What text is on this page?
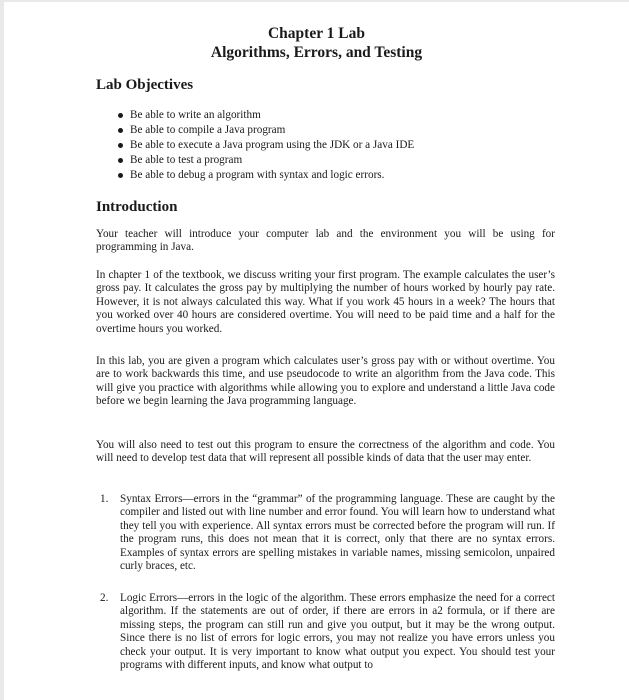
Chapter 1 Lab
Algorithms, Errors, and Testing
Lab Objectives
Be able to write an algorithm
Be able to compile a Java program
Be able to execute a Java program using the JDK or a Java IDE
Be able to test a program
Be able to debug a program with syntax and logic errors.
Introduction

Your teacher will introduce your computer lab and the environment you will be using for programming in Java.

In chapter 1 of the textbook, we discuss writing your first program. The example calculates the user’s gross pay. It calculates the gross pay by multiplying the number of hours worked by hourly pay rate. However, it is not always calculated this way. What if you work 45 hours in a week? The hours that you worked over 40 hours are considered overtime. You will need to be paid time and a half for the overtime hours you worked.

In this lab, you are given a program which calculates user’s gross pay with or without overtime. You are to work backwards this time, and use pseudocode to write an algorithm from the Java code. This will give you practice with algorithms while allowing you to explore and understand a little Java code before we begin learning the Java programming language.

You will also need to test out this program to ensure the correctness of the algorithm and code. You will need to develop test data that will represent all possible kinds of data that the user may enter.

1. Syntax Errors—errors in the “grammar” of the programming language. These are caught by the compiler and listed out with line number and error found. You will learn how to understand what they tell you with experience. All syntax errors must be corrected before the program will run. If the program runs, this does not mean that it is correct, only that there are no syntax errors. Examples of syntax errors are spelling mistakes in variable names, missing semicolon, unpaired curly braces, etc.
2. Logic Errors—errors in the logic of the algorithm. These errors emphasize the need for a correct algorithm. If the statements are out of order, if there are errors in a2 formula, or if there are missing steps, the program can still run and give you output, but it may be the wrong output. Since there is no list of errors for logic errors, you may not realize you have errors unless you check your output. It is very important to know what output you expect. You should test your programs with different inputs, and know what output to
